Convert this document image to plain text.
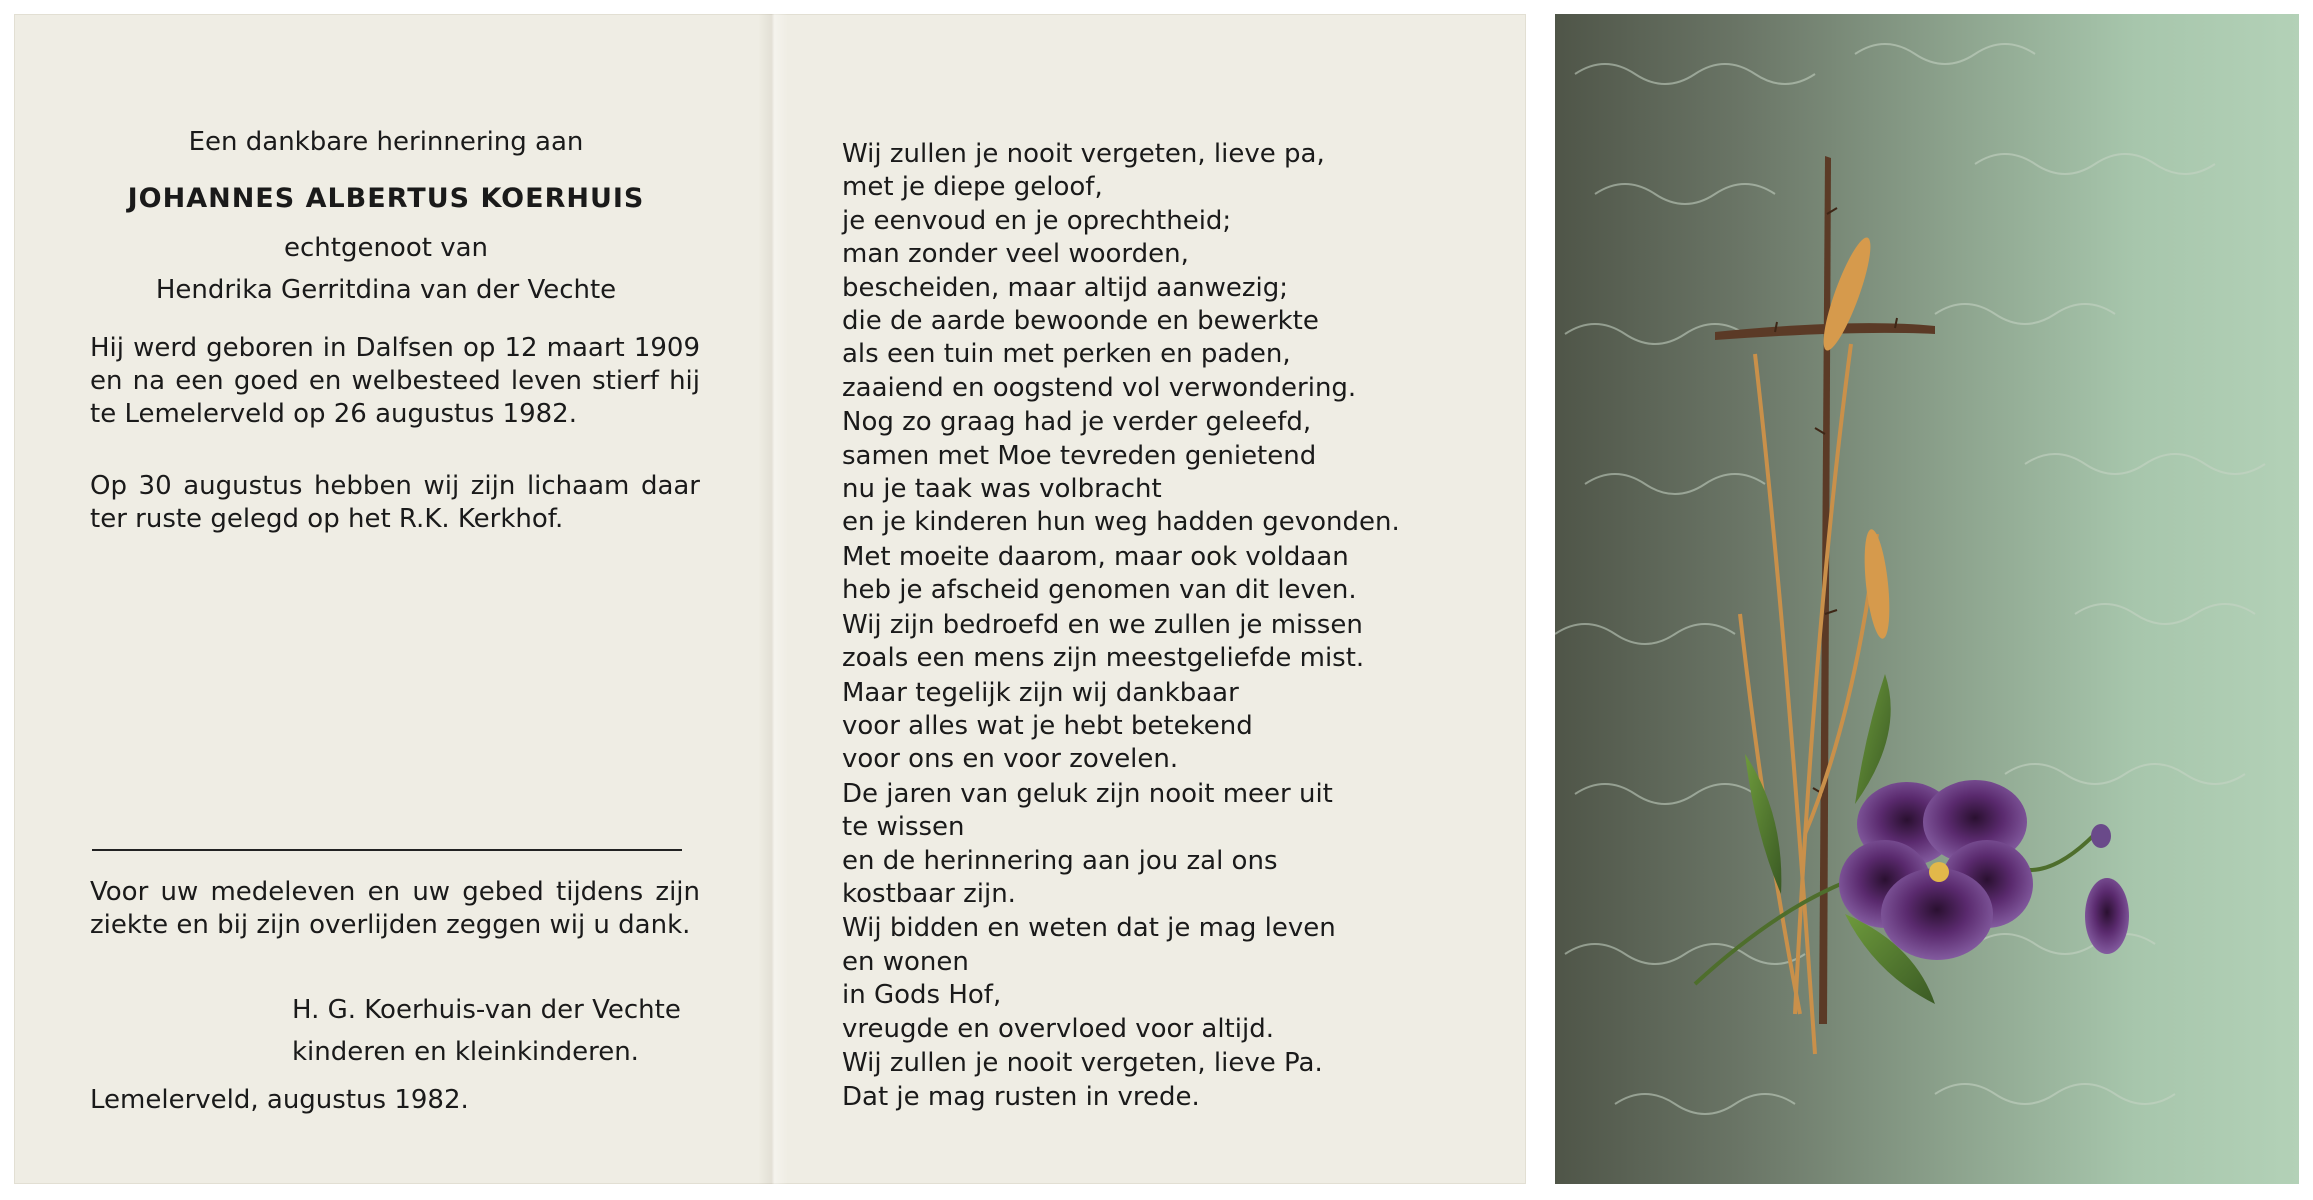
Een dankbare herinnering aan
JOHANNES ALBERTUS KOERHUIS
echtgenoot van
Hendrika Gerritdina van der Vechte
Hij werd geboren in Dalfsen op 12 maart 1909 en na een goed en welbesteed leven stierf hij te Lemelerveld op 26 augustus 1982.
Op 30 augustus hebben wij zijn lichaam daar ter ruste gelegd op het R.K. Kerkhof.
Voor uw medeleven en uw gebed tijdens zijn ziekte en bij zijn overlijden zeggen wij u dank.
H. G. Koerhuis-van der Vechte
kinderen en kleinkinderen.
Lemelerveld, augustus 1982.
Wij zullen je nooit vergeten, lieve pa,
met je diepe geloof,
je eenvoud en je oprechtheid;
man zonder veel woorden,
bescheiden, maar altijd aanwezig;
die de aarde bewoonde en bewerkte
als een tuin met perken en paden,
zaaiend en oogstend vol verwondering.
Nog zo graag had je verder geleefd,
samen met Moe tevreden genietend
nu je taak was volbracht
en je kinderen hun weg hadden gevonden.
Met moeite daarom, maar ook voldaan
heb je afscheid genomen van dit leven.
Wij zijn bedroefd en we zullen je missen
zoals een mens zijn meestgeliefde mist.
Maar tegelijk zijn wij dankbaar
voor alles wat je hebt betekend
voor ons en voor zovelen.
De jaren van geluk zijn nooit meer uit
te wissen
en de herinnering aan jou zal ons
kostbaar zijn.
Wij bidden en weten dat je mag leven
en wonen
in Gods Hof,
vreugde en overvloed voor altijd.
Wij zullen je nooit vergeten, lieve Pa.
Dat je mag rusten in vrede.
